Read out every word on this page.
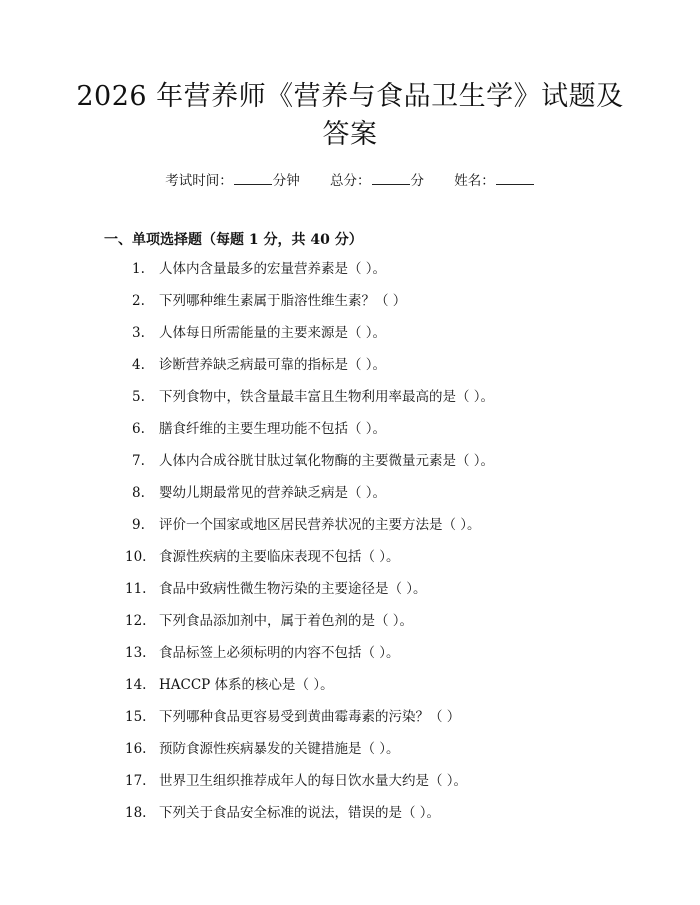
2026 年营养师《营养与食品卫生学》试题及
答案
考试时间：	分钟 总分：	分 姓名：
一、单项选择题（每题 1 分，共 40 分）
1.	人体内含量最多的宏量营养素是（ ）。
2.	下列哪种维生素属于脂溶性维生素？（ ）
3.	人体每日所需能量的主要来源是（ ）。
4.	诊断营养缺乏病最可靠的指标是（ ）。
5.	下列食物中，铁含量最丰富且生物利用率最高的是（ ）。
6.	膳食纤维的主要生理功能不包括（ ）。
7.	人体内合成谷胱甘肽过氧化物酶的主要微量元素是（ ）。
8.	婴幼儿期最常见的营养缺乏病是（ ）。
9.	评价一个国家或地区居民营养状况的主要方法是（ ）。
10. 食源性疾病的主要临床表现不包括（ ）。
11. 食品中致病性微生物污染的主要途径是（ ）。
12. 下列食品添加剂中，属于着色剂的是（ ）。
13. 食品标签上必须标明的内容不包括（ ）。
14. HACCP 体系的核心是（ ）。
15. 下列哪种食品更容易受到黄曲霉毒素的污染？（ ）
16. 预防食源性疾病暴发的关键措施是（ ）。
17. 世界卫生组织推荐成年人的每日饮水量大约是（ ）。
18. 下列关于食品安全标准的说法，错误的是（ ）。
